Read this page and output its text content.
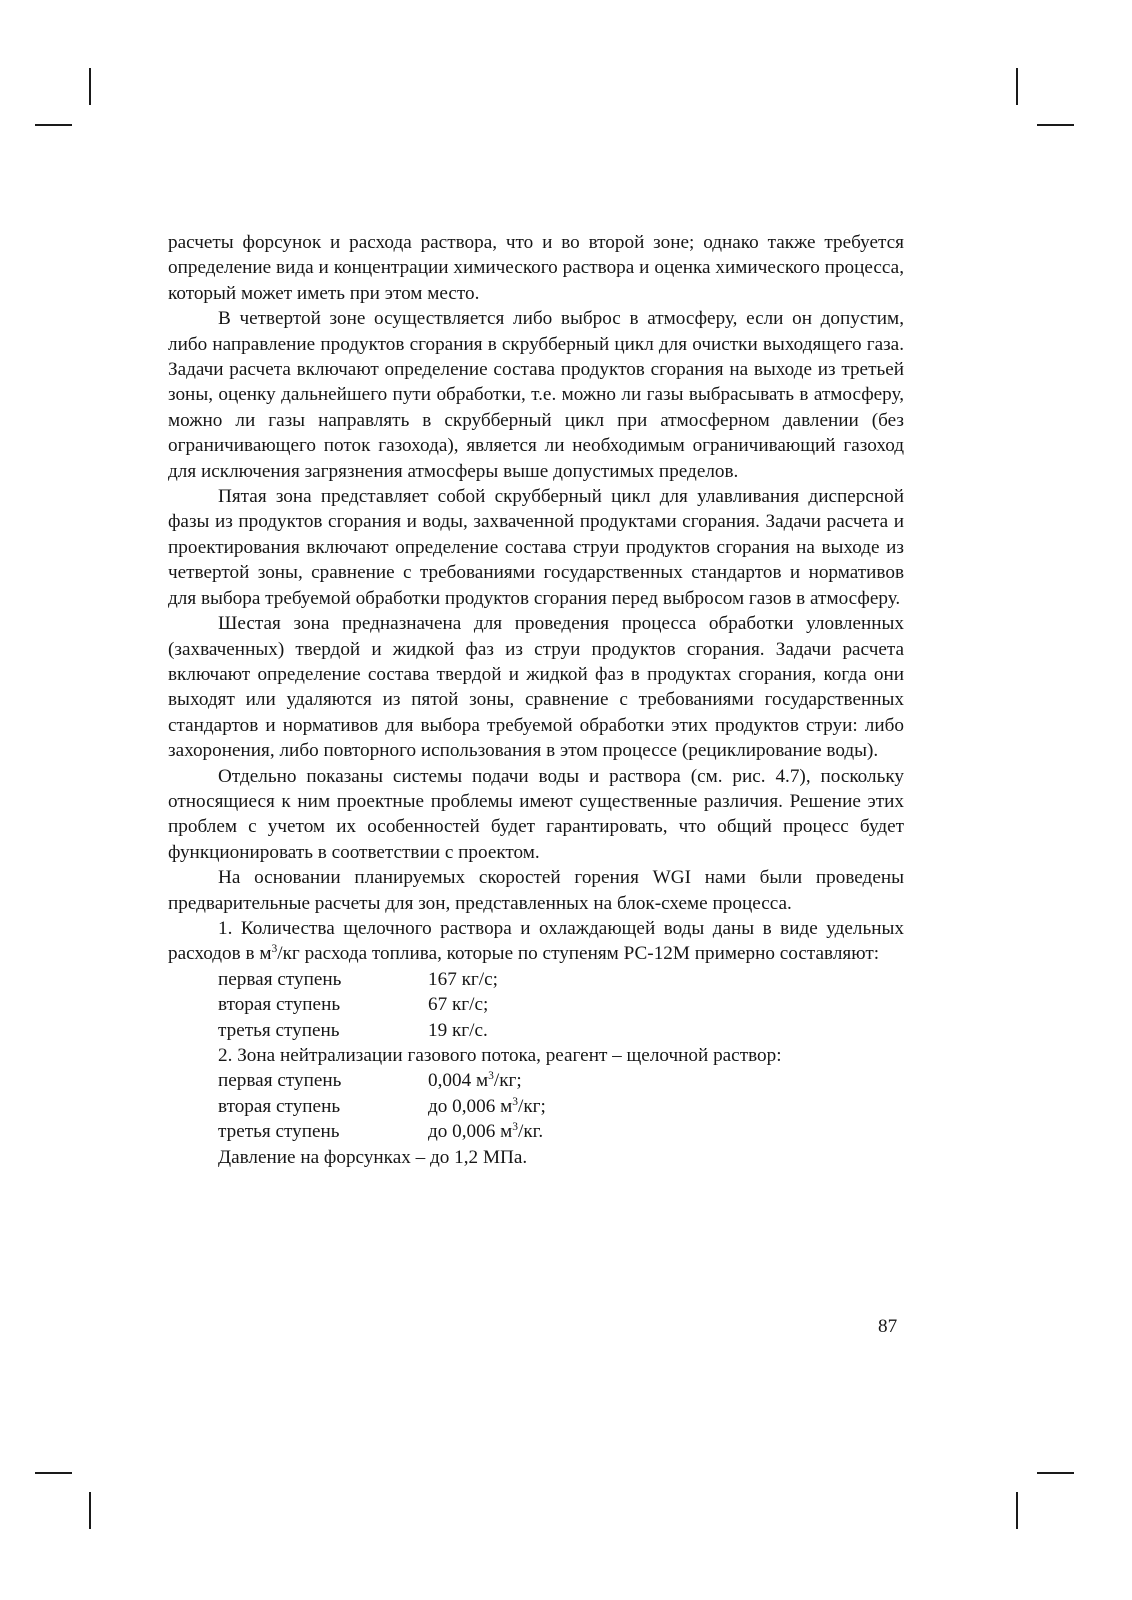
расчеты форсунок и расхода раствора, что и во второй зоне; однако также требуется определение вида и концентрации химического раствора и оценка химического процесса, который может иметь при этом место.

В четвертой зоне осуществляется либо выброс в атмосферу, если он допустим, либо направление продуктов сгорания в скрубберный цикл для очистки выходящего газа. Задачи расчета включают определение состава продуктов сгорания на выходе из третьей зоны, оценку дальнейшего пути обработки, т.е. можно ли газы выбрасывать в атмосферу, можно ли газы направлять в скрубберный цикл при атмосферном давлении (без ограничивающего поток газохода), является ли необходимым ограничивающий газоход для исключения загрязнения атмосферы выше допустимых пределов.

Пятая зона представляет собой скрубберный цикл для улавливания дисперсной фазы из продуктов сгорания и воды, захваченной продуктами сгорания. Задачи расчета и проектирования включают определение состава струи продуктов сгорания на выходе из четвертой зоны, сравнение с требованиями государственных стандартов и нормативов для выбора требуемой обработки продуктов сгорания перед выбросом газов в атмосферу.

Шестая зона предназначена для проведения процесса обработки уловленных (захваченных) твердой и жидкой фаз из струи продуктов сгорания. Задачи расчета включают определение состава твердой и жидкой фаз в продуктах сгорания, когда они выходят или удаляются из пятой зоны, сравнение с требованиями государственных стандартов и нормативов для выбора требуемой обработки этих продуктов струи: либо захоронения, либо повторного использования в этом процессе (рециклирование воды).

Отдельно показаны системы подачи воды и раствора (см. рис. 4.7), поскольку относящиеся к ним проектные проблемы имеют существенные различия. Решение этих проблем с учетом их особенностей будет гарантировать, что общий процесс будет функционировать в соответствии с проектом.

На основании планируемых скоростей горения WGI нами были проведены предварительные расчеты для зон, представленных на блок-схеме процесса.

1. Количества щелочного раствора и охлаждающей воды даны в виде удельных расходов в $м^3/кг$ расхода топлива, которые по ступеням РС-12М примерно составляют:

первая ступень	167 кг/с;
вторая ступень	67 кг/с;
третья ступень	19 кг/с.

2. Зона нейтрализации газового потока, реагент – щелочной раствор:

первая ступень	0,004 $м^3/кг$;
вторая ступень	до 0,006 $м^3/кг$;
третья ступень	до 0,006 $м^3/кг$.

Давление на форсунках – до 1,2 МПа.

87
